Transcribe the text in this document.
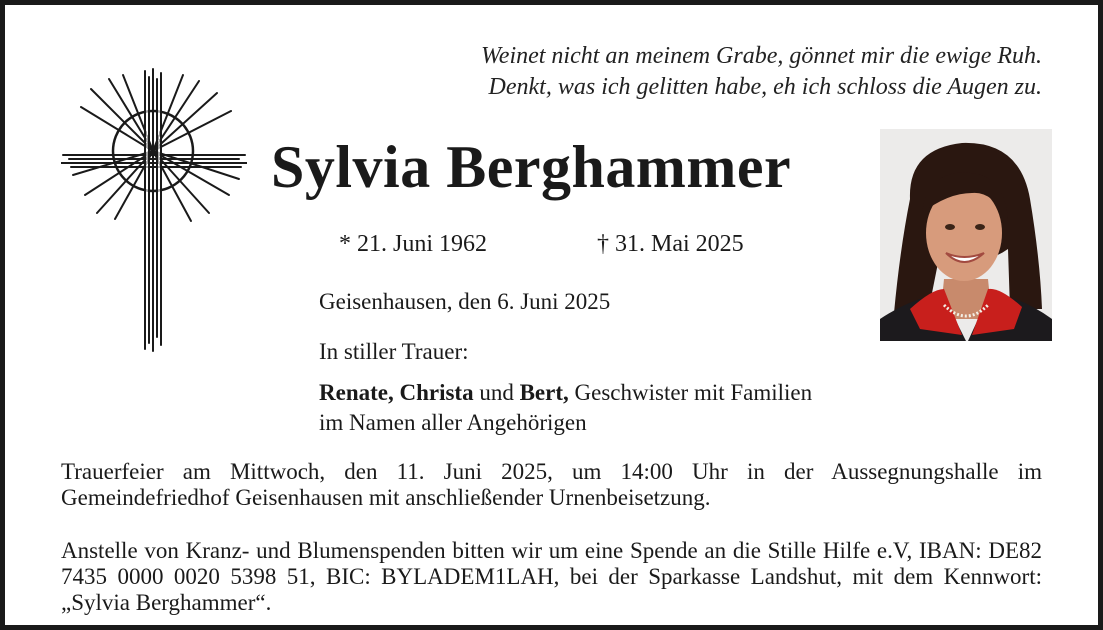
Weinet nicht an meinem Grabe, gönnet mir die ewige Ruh.
Denkt, was ich gelitten habe, eh ich schloss die Augen zu.
Sylvia Berghammer
* 21. Juni 1962	† 31. Mai 2025
Geisenhausen, den 6. Juni 2025
In stiller Trauer:
Renate, Christa und Bert, Geschwister mit Familien
im Namen aller Angehörigen
Trauerfeier am Mittwoch, den 11. Juni 2025, um 14:00 Uhr in der Aussegnungshalle im Gemeindefriedhof Geisenhausen mit anschließender Urnenbeisetzung.
Anstelle von Kranz- und Blumenspenden bitten wir um eine Spende an die Stille Hilfe e.V, IBAN: DE82 7435 0000 0020 5398 51, BIC: BYLADEM1LAH, bei der Sparkasse Landshut, mit dem Kennwort: „Sylvia Berghammer“.
